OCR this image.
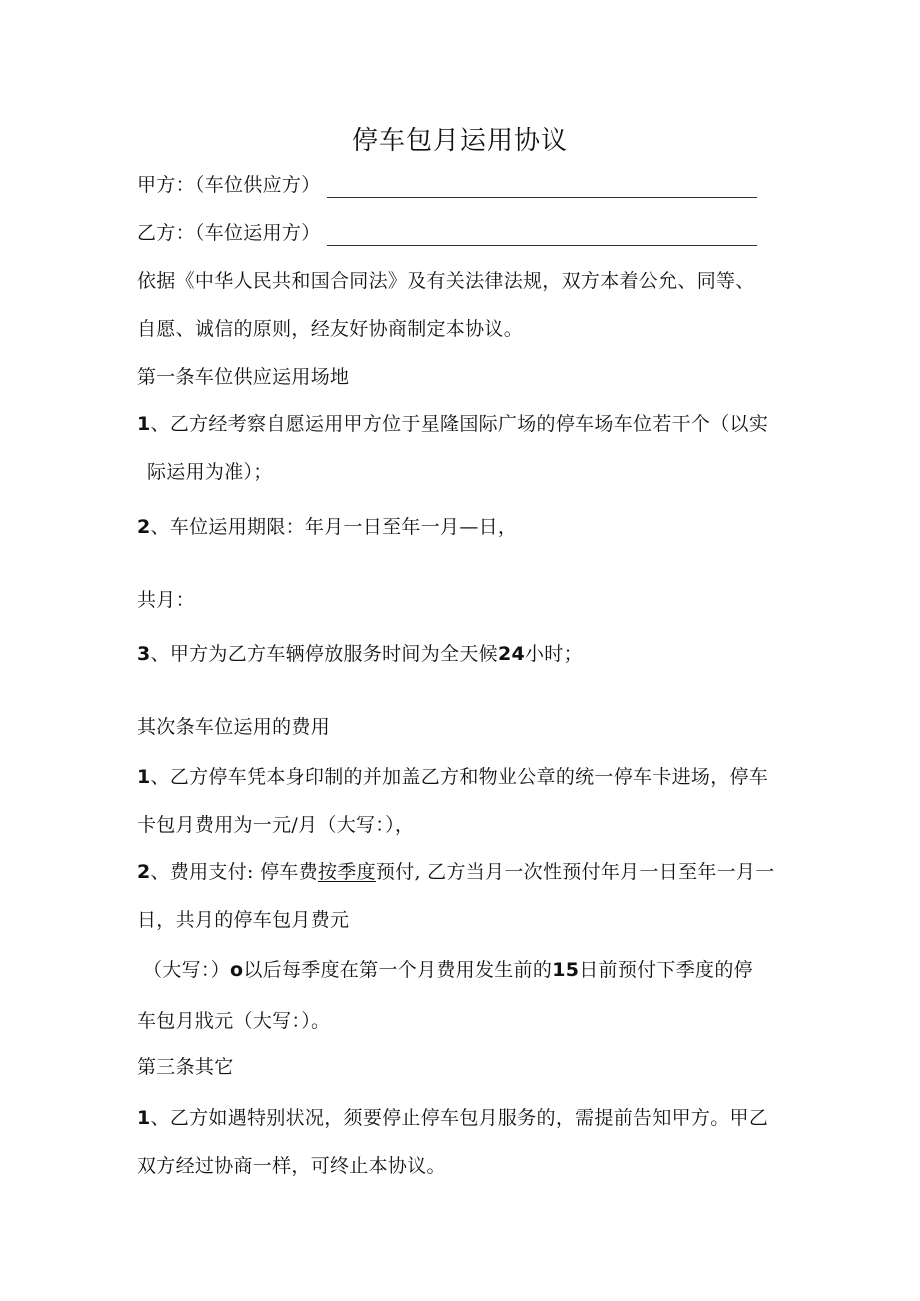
停车包月运用协议
甲方：（车位供应方）
乙方：（车位运用方）
依据《中华人民共和国合同法》及有关法律法规，双方本着公允、同等、
自愿、诚信的原则，经友好协商制定本协议。
第一条车位供应运用场地
1、乙方经考察自愿运用甲方位于星隆国际广场的停车场车位若干个（以实
际运用为准）；
2、车位运用期限：年月一日至年一月—日，
共月：
3、甲方为乙方车辆停放服务时间为全天候24小时；
其次条车位运用的费用
1、乙方停车凭本身印制的并加盖乙方和物业公章的统一停车卡进场，停车
卡包月费用为一元/月（大写：），
2、费用支付: 停车费按季度预付, 乙方当月一次性预付年月一日至年一月一
日，共月的停车包月费元
（大写：）o以后每季度在第一个月费用发生前的15日前预付下季度的停
车包月戕元（大写：）。
第三条其它
1、乙方如遇特别状况，须要停止停车包月服务的，需提前告知甲方。甲乙
双方经过协商一样，可终止本协议。
